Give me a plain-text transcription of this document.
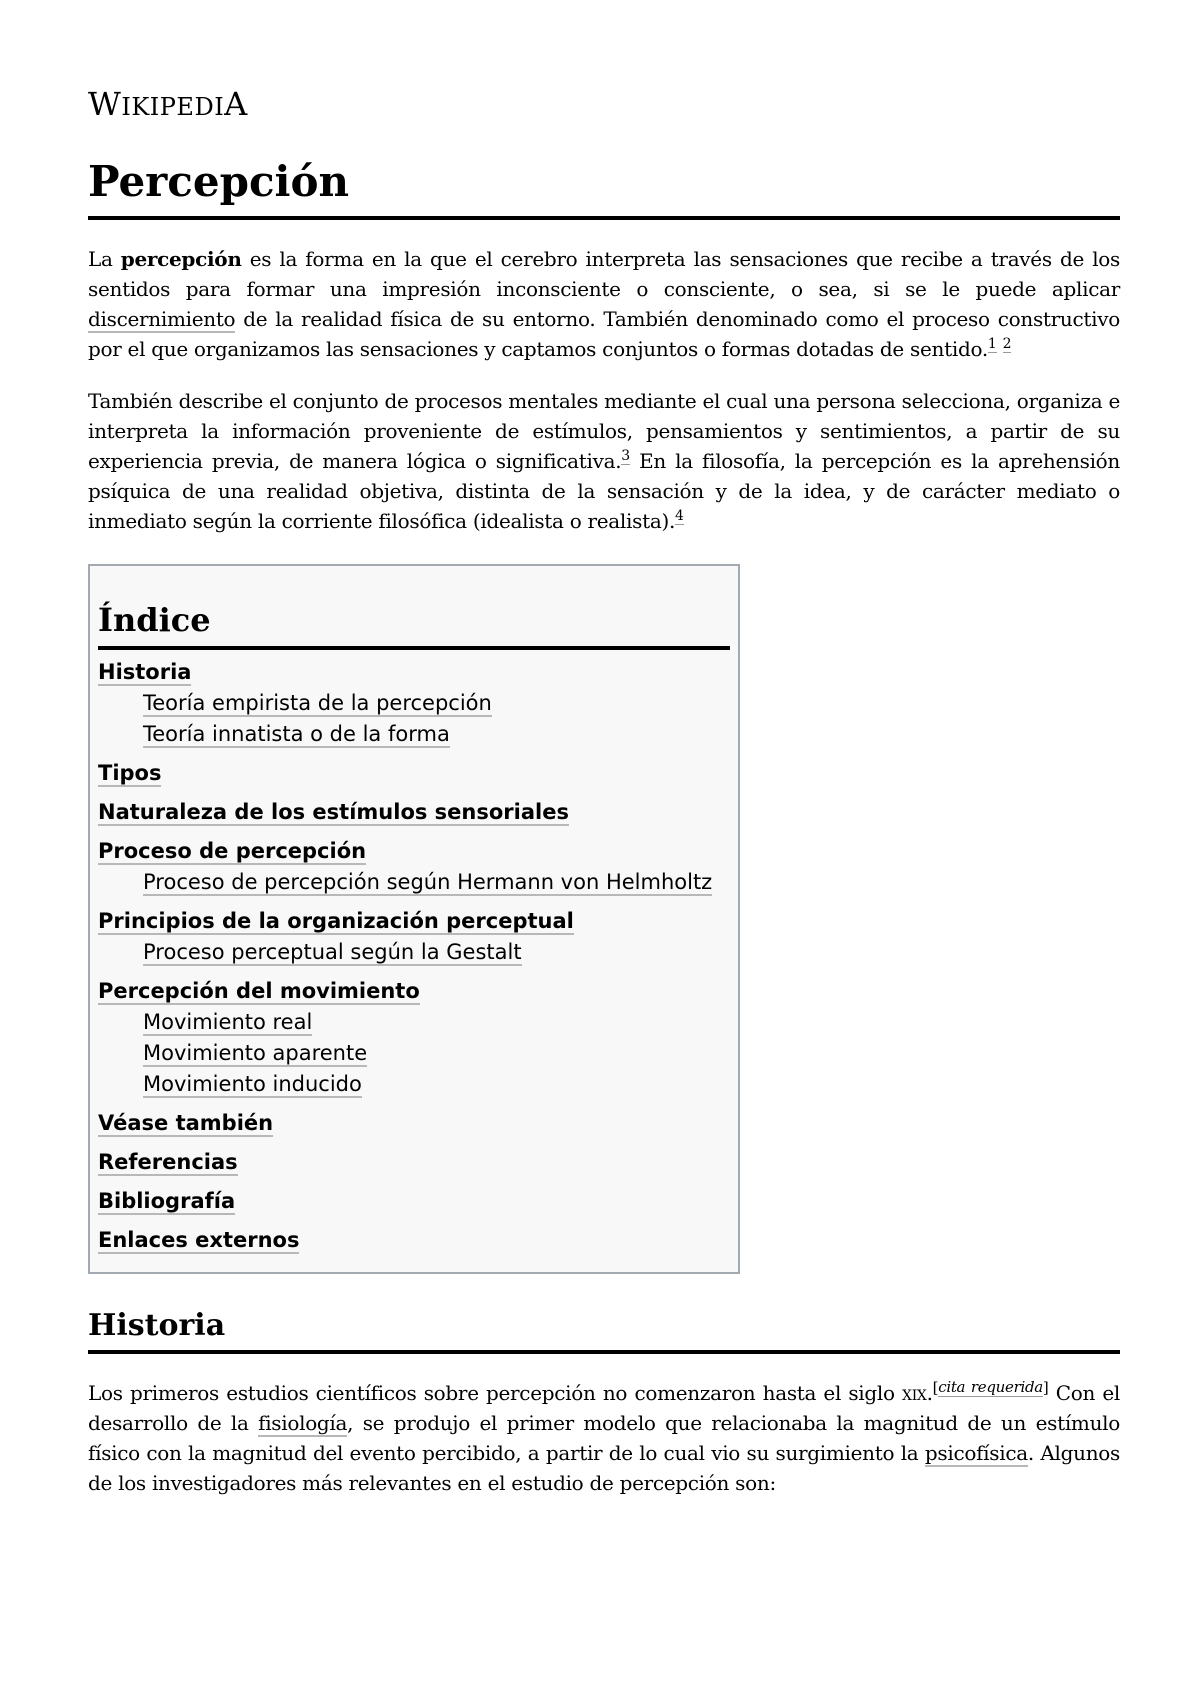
WIKIPEDIA
Percepción

La percepción es la forma en la que el cerebro interpreta las sensaciones que recibe a través de los sentidos para formar una impresión inconsciente o consciente, o sea, si se le puede aplicar discernimiento de la realidad física de su entorno. También denominado como el proceso constructivo por el que organizamos las sensaciones y captamos conjuntos o formas dotadas de sentido.$^1$ $^2$

También describe el conjunto de procesos mentales mediante el cual una persona selecciona, organiza e interpreta la información proveniente de estímulos, pensamientos y sentimientos, a partir de su experiencia previa, de manera lógica o significativa.$^3$ En la filosofía, la percepción es la aprehensión psíquica de una realidad objetiva, distinta de la sensación y de la idea, y de carácter mediato o inmediato según la corriente filosófica (idealista o realista).$^4$

Índice
Historia
Teoría empirista de la percepción
Teoría innatista o de la forma
Tipos
Naturaleza de los estímulos sensoriales
Proceso de percepción
Proceso de percepción según Hermann von Helmholtz
Principios de la organización perceptual
Proceso perceptual según la Gestalt
Percepción del movimiento
Movimiento real
Movimiento aparente
Movimiento inducido
Véase también
Referencias
Bibliografía
Enlaces externos
Historia

Los primeros estudios científicos sobre percepción no comenzaron hasta el siglo xix.[cita requerida] Con el desarrollo de la fisiología, se produjo el primer modelo que relacionaba la magnitud de un estímulo físico con la magnitud del evento percibido, a partir de lo cual vio su surgimiento la psicofísica. Algunos de los investigadores más relevantes en el estudio de percepción son:
